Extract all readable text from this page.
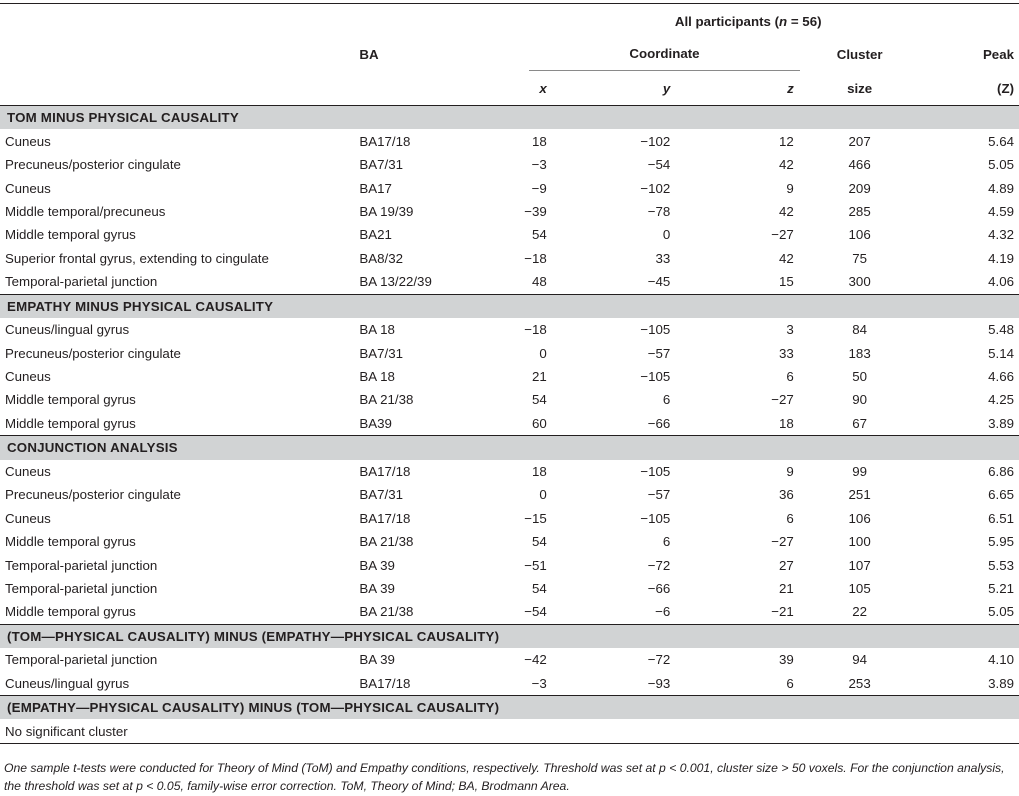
	All participants (n = 56)					
	BA	Coordinate			Cluster	Peak
		x	y	z	size	(Z)
TOM MINUS PHYSICAL CAUSALITY						
Cuneus	BA17/18	18	−102	12	207	5.64
Precuneus/posterior cingulate	BA7/31	−3	−54	42	466	5.05
Cuneus	BA17	−9	−102	9	209	4.89
Middle temporal/precuneus	BA 19/39	−39	−78	42	285	4.59
Middle temporal gyrus	BA21	54	0	−27	106	4.32
Superior frontal gyrus, extending to cingulate	BA8/32	−18	33	42	75	4.19
Temporal-parietal junction	BA 13/22/39	48	−45	15	300	4.06
EMPATHY MINUS PHYSICAL CAUSALITY						
Cuneus/lingual gyrus	BA 18	−18	−105	3	84	5.48
Precuneus/posterior cingulate	BA7/31	0	−57	33	183	5.14
Cuneus	BA 18	21	−105	6	50	4.66
Middle temporal gyrus	BA 21/38	54	6	−27	90	4.25
Middle temporal gyrus	BA39	60	−66	18	67	3.89
CONJUNCTION ANALYSIS						
Cuneus	BA17/18	18	−105	9	99	6.86
Precuneus/posterior cingulate	BA7/31	0	−57	36	251	6.65
Cuneus	BA17/18	−15	−105	6	106	6.51
Middle temporal gyrus	BA 21/38	54	6	−27	100	5.95
Temporal-parietal junction	BA 39	−51	−72	27	107	5.53
Temporal-parietal junction	BA 39	54	−66	21	105	5.21
Middle temporal gyrus	BA 21/38	−54	−6	−21	22	5.05
(TOM—PHYSICAL CAUSALITY) MINUS (EMPATHY—PHYSICAL CAUSALITY)						
Temporal-parietal junction	BA 39	−42	−72	39	94	4.10
Cuneus/lingual gyrus	BA17/18	−3	−93	6	253	3.89
(EMPATHY—PHYSICAL CAUSALITY) MINUS (TOM—PHYSICAL CAUSALITY)						
No significant cluster						
One sample t-tests were conducted for Theory of Mind (ToM) and Empathy conditions, respectively. Threshold was set at p < 0.001, cluster size > 50 voxels. For the conjunction analysis, the threshold was set at p < 0.05, family-wise error correction. ToM, Theory of Mind; BA, Brodmann Area.
